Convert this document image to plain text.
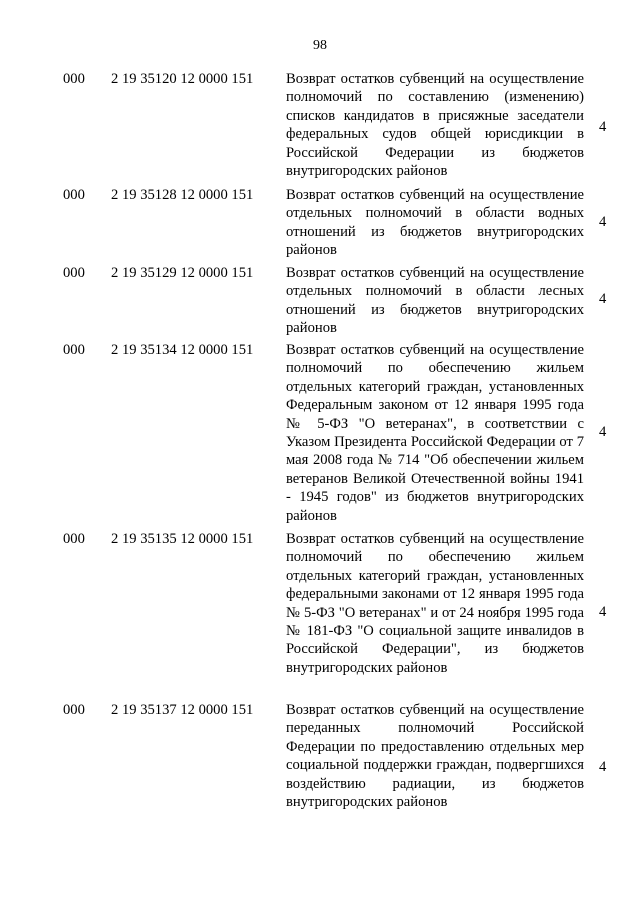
98
000 2 19 35120 12 0000 151 Возврат остатков субвенций на осуществление полномочий по составлению (изменению) списков кандидатов в присяжные заседатели федеральных судов общей юрисдикции в Российской Федерации из бюджетов внутригородских районов
4
000 2 19 35128 12 0000 151 Возврат остатков субвенций на осуществление отдельных полномочий в области водных отношений из бюджетов внутригородских районов
4
000 2 19 35129 12 0000 151 Возврат остатков субвенций на осуществление отдельных полномочий в области лесных отношений из бюджетов внутригородских районов
4
000 2 19 35134 12 0000 151 Возврат остатков субвенций на осуществление полномочий по обеспечению жильем отдельных категорий граждан, установленных Федеральным законом от 12 января 1995 года № 5-ФЗ "О ветеранах", в соответствии с Указом Президента Российской Федерации от 7 мая 2008 года № 714 "Об обеспечении жильем ветеранов Великой Отечественной войны 1941 - 1945 годов" из бюджетов внутригородских районов
4
000 2 19 35135 12 0000 151 Возврат остатков субвенций на осуществление полномочий по обеспечению жильем отдельных категорий граждан, установленных федеральными законами от 12 января 1995 года № 5-ФЗ "О ветеранах" и от 24 ноября 1995 года № 181-ФЗ "О социальной защите инвалидов в Российской Федерации", из бюджетов внутригородских районов
4
000 2 19 35137 12 0000 151 Возврат остатков субвенций на осуществление переданных полномочий Российской Федерации по предоставлению отдельных мер социальной поддержки граждан, подвергшихся воздействию радиации, из бюджетов внутригородских районов
4
